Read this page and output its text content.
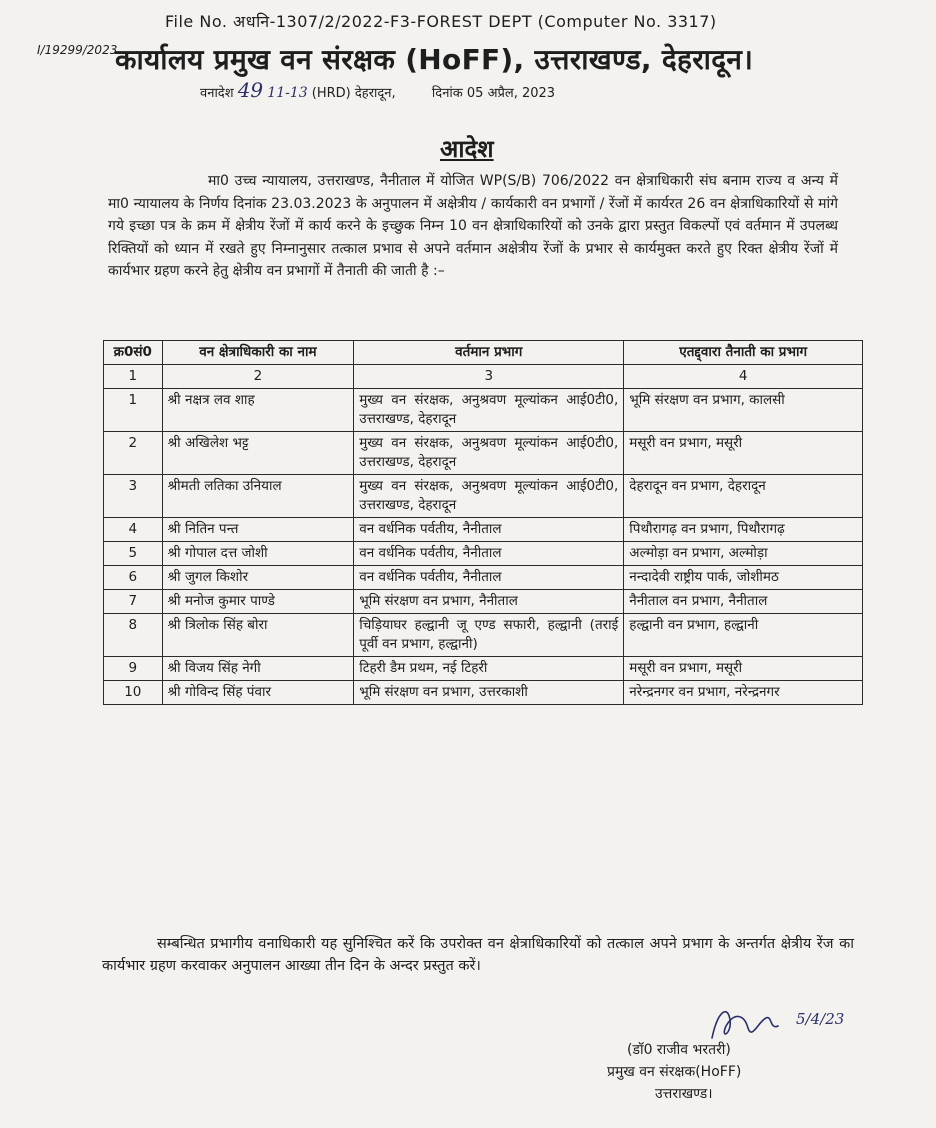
File No. अधनि-1307/2/2022-F3-FOREST DEPT (Computer No. 3317)
I/19299/2023
कार्यालय प्रमुख वन संरक्षक (HoFF), उत्तराखण्ड, देहरादून।
वनादेश 49 11-13 (HRD) देहरादून,	दिनांक 05 अप्रैल, 2023
आदेश
मा0 उच्च न्यायालय, उत्तराखण्ड, नैनीताल में योजित WP(S/B) 706/2022 वन क्षेत्राधिकारी संघ बनाम राज्य व अन्य में मा0 न्यायालय के निर्णय दिनांक 23.03.2023 के अनुपालन में अक्षेत्रीय / कार्यकारी वन प्रभागों / रेंजों में कार्यरत 26 वन क्षेत्राधिकारियों से मांगे गये इच्छा पत्र के क्रम में क्षेत्रीय रेंजों में कार्य करने के इच्छुक निम्न 10 वन क्षेत्राधिकारियों को उनके द्वारा प्रस्तुत विकल्पों एवं वर्तमान में उपलब्ध रिक्तियों को ध्यान में रखते हुए निम्नानुसार तत्काल प्रभाव से अपने वर्तमान अक्षेत्रीय रेंजों के प्रभार से कार्यमुक्त करते हुए रिक्त क्षेत्रीय रेंजों में कार्यभार ग्रहण करने हेतु क्षेत्रीय वन प्रभागों में तैनाती की जाती है :–
क्र0सं0	वन क्षेत्राधिकारी का नाम	वर्तमान प्रभाग	एतद्द्वारा तैनाती का प्रभाग
1	2	3	4
1	श्री नक्षत्र लव शाह	मुख्य वन संरक्षक, अनुश्रवण मूल्यांकन आई0टी0, उत्तराखण्ड, देहरादून	भूमि संरक्षण वन प्रभाग, कालसी
2	श्री अखिलेश भट्ट	मुख्य वन संरक्षक, अनुश्रवण मूल्यांकन आई0टी0, उत्तराखण्ड, देहरादून	मसूरी वन प्रभाग, मसूरी
3	श्रीमती लतिका उनियाल	मुख्य वन संरक्षक, अनुश्रवण मूल्यांकन आई0टी0, उत्तराखण्ड, देहरादून	देहरादून वन प्रभाग, देहरादून
4	श्री नितिन पन्त	वन वर्धनिक पर्वतीय, नैनीताल	पिथौरागढ़ वन प्रभाग, पिथौरागढ़
5	श्री गोपाल दत्त जोशी	वन वर्धनिक पर्वतीय, नैनीताल	अल्मोड़ा वन प्रभाग, अल्मोड़ा
6	श्री जुगल किशोर	वन वर्धनिक पर्वतीय, नैनीताल	नन्दादेवी राष्ट्रीय पार्क, जोशीमठ
7	श्री मनोज कुमार पाण्डे	भूमि संरक्षण वन प्रभाग, नैनीताल	नैनीताल वन प्रभाग, नैनीताल
8	श्री त्रिलोक सिंह बोरा	चिड़ियाघर हल्द्वानी जू एण्ड सफारी, हल्द्वानी (तराई पूर्वी वन प्रभाग, हल्द्वानी)	हल्द्वानी वन प्रभाग, हल्द्वानी
9	श्री विजय सिंह नेगी	टिहरी डैम प्रथम, नई टिहरी	मसूरी वन प्रभाग, मसूरी
10	श्री गोविन्द सिंह पंवार	भूमि संरक्षण वन प्रभाग, उत्तरकाशी	नरेन्द्रनगर वन प्रभाग, नरेन्द्रनगर
सम्बन्धित प्रभागीय वनाधिकारी यह सुनिश्चित करें कि उपरोक्त वन क्षेत्राधिकारियों को तत्काल अपने प्रभाग के अन्तर्गत क्षेत्रीय रेंज का कार्यभार ग्रहण करवाकर अनुपालन आख्या तीन दिन के अन्दर प्रस्तुत करें।
5/4/23
(डॉ0 राजीव भरतरी)
प्रमुख वन संरक्षक(HoFF)
उत्तराखण्ड।
